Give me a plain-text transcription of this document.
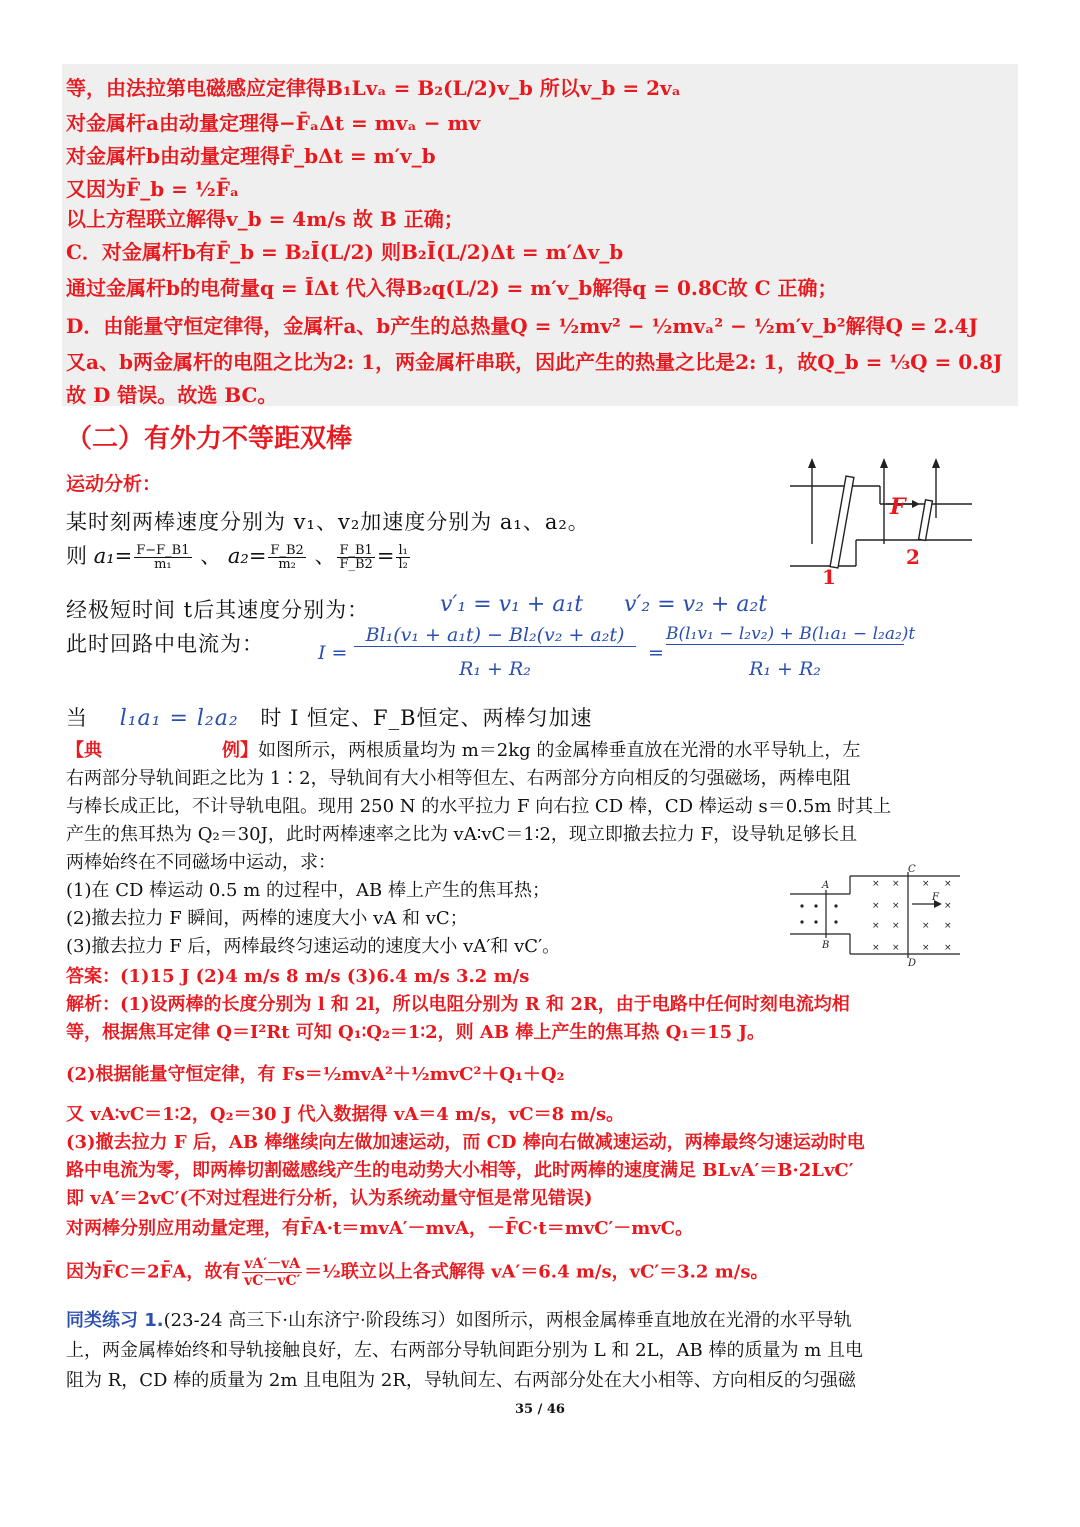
等，由法拉第电磁感应定律得B₁Lvₐ = B₂(L/2)v_b 所以v_b = 2vₐ
对金属杆a由动量定理得−F̄ₐΔt = mvₐ − mv
对金属杆b由动量定理得F̄_bΔt = m′v_b
又因为F̄_b = ½F̄ₐ
以上方程联立解得v_b = 4m/s 故 B 正确；
C．对金属杆b有F̄_b = B₂Ī(L/2) 则B₂Ī(L/2)Δt = m′Δv_b
通过金属杆b的电荷量q = ĪΔt 代入得B₂q(L/2) = m′v_b解得q = 0.8C故 C 正确；
D．由能量守恒定律得，金属杆a、b产生的总热量Q = ½mv² − ½mvₐ² − ½m′v_b²解得Q = 2.4J
又a、b两金属杆的电阻之比为2: 1，两金属杆串联，因此产生的热量之比是2: 1，故Q_b = ⅓Q = 0.8J
故 D 错误。故选 BC。
（二）有外力不等距双棒
运动分析：
某时刻两棒速度分别为 v₁、v₂加速度分别为 a₁、a₂。
则 $a_1= \frac{F-F\_B1}{\text{m₁}}$ 、 $a_2= \frac{F\_B2}{\text{m₂}}$ 、 $\frac{F\_B1}{F\_B2} = \frac{\text{l₁}}{\text{l₂}}$
经极短时间 t后其速度分别为：	v′₁ = v₁ + a₁t v′₂ = v₂ + a₂t
此时回路中电流为：	I =
Bl₁(v₁ + a₁t) − Bl₂(v₂ + a₂t)
R₁ + R₂
=
B(l₁v₁ − l₂v₂) + B(l₁a₁ − l₂a₂)t
R₁ + R₂
当 l₁a₁ = l₂a₂ 时 I 恒定、F_B恒定、两棒匀加速
F
1
2
【典	例】如图所示，两根质量均为 m＝2kg 的金属棒垂直放在光滑的水平导轨上，左
右两部分导轨间距之比为 1∶2，导轨间有大小相等但左、右两部分方向相反的匀强磁场，两棒电阻
与棒长成正比，不计导轨电阻。现用 250 N 的水平拉力 F 向右拉 CD 棒，CD 棒运动 s＝0.5m 时其上
产生的焦耳热为 Q₂＝30J，此时两棒速率之比为 vA∶vC＝1∶2，现立即撤去拉力 F，设导轨足够长且
两棒始终在不同磁场中运动，求：
(1)在 CD 棒运动 0.5 m 的过程中，AB 棒上产生的焦耳热；
(2)撤去拉力 F 瞬间，两棒的速度大小 vA 和 vC；
(3)撤去拉力 F 后，两棒最终匀速运动的速度大小 vA′和 vC′。
× × × ×
× ×	×
× × × ×
× × × ×
A
B
C
D
F
答案：(1)15 J (2)4 m/s 8 m/s (3)6.4 m/s 3.2 m/s
解析：(1)设两棒的长度分别为 l 和 2l，所以电阻分别为 R 和 2R，由于电路中任何时刻电流均相
等，根据焦耳定律 Q＝I²Rt 可知 Q₁∶Q₂＝1∶2，则 AB 棒上产生的焦耳热 Q₁＝15 J。
(2)根据能量守恒定律，有 Fs＝½mvA²＋½mvC²＋Q₁＋Q₂
又 vA∶vC＝1∶2，Q₂＝30 J 代入数据得 vA＝4 m/s，vC＝8 m/s。
(3)撤去拉力 F 后，AB 棒继续向左做加速运动，而 CD 棒向右做减速运动，两棒最终匀速运动时电
路中电流为零，即两棒切割磁感线产生的电动势大小相等，此时两棒的速度满足 BLvA′＝B·2LvC′
即 vA′＝2vC′(不对过程进行分析，认为系统动量守恒是常见错误)
对两棒分别应用动量定理，有F̄A·t＝mvA′－mvA，－F̄C·t＝mvC′－mvC。
因为F̄C＝2F̄A，故有 $\frac{vA'-vA}{vC-vC'}$ ＝½联立以上各式解得 vA′＝6.4 m/s，vC′＝3.2 m/s。
同类练习 1.(23-24 高三下·山东济宁·阶段练习）如图所示，两根金属棒垂直地放在光滑的水平导轨
上，两金属棒始终和导轨接触良好，左、右两部分导轨间距分别为 L 和 2L，AB 棒的质量为 m 且电
阻为 R，CD 棒的质量为 2m 且电阻为 2R，导轨间左、右两部分处在大小相等、方向相反的匀强磁
35 / 46
